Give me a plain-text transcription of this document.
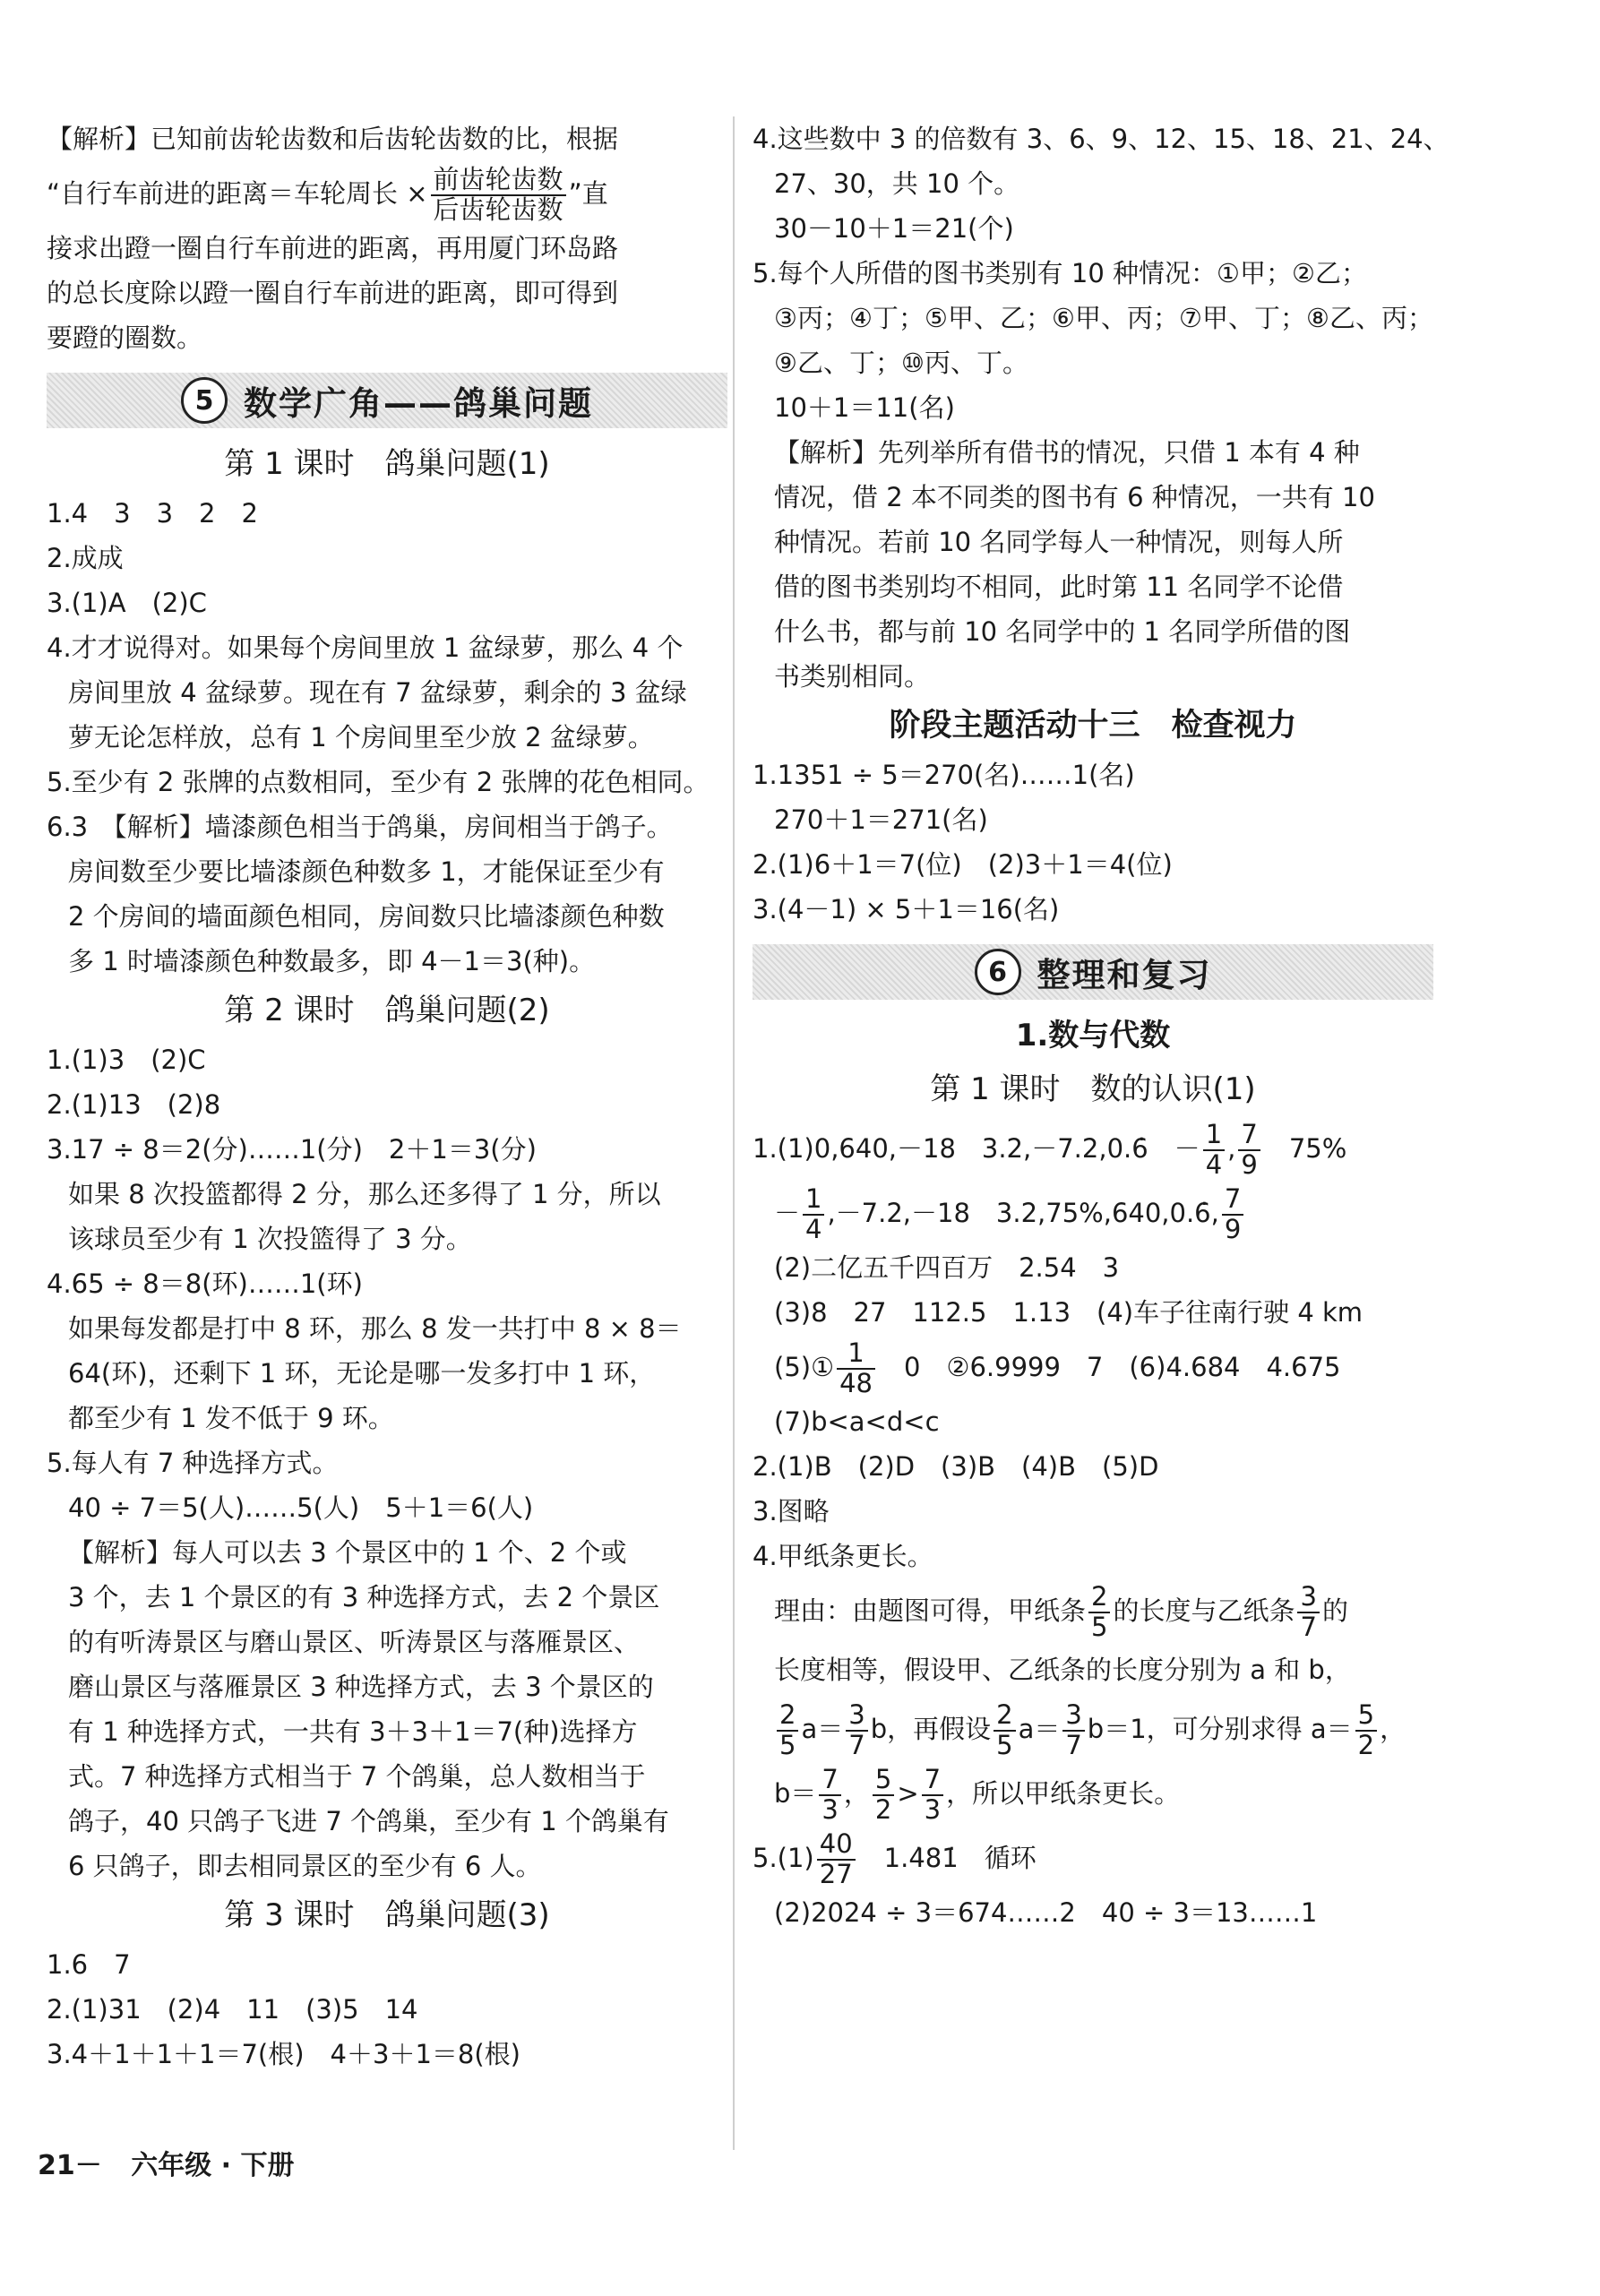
【解析】已知前齿轮齿数和后齿轮齿数的比，根据

“自行车前进的距离＝车轮周长 × $\frac{\text{前齿轮齿数}}{\text{后齿轮齿数}}$ ”直

接求出蹬一圈自行车前进的距离，再用厦门环岛路

的总长度除以蹬一圈自行车前进的距离，即可得到

要蹬的圈数。

5 数学广角——鸽巢问题

第 1 课时　鸽巢问题(1)

1.4　3　3　2　2

2.成成

3.(1)A　(2)C

4.才才说得对。如果每个房间里放 1 盆绿萝，那么 4 个

房间里放 4 盆绿萝。现在有 7 盆绿萝，剩余的 3 盆绿

萝无论怎样放，总有 1 个房间里至少放 2 盆绿萝。

5.至少有 2 张牌的点数相同，至少有 2 张牌的花色相同。

6.3　【解析】墙漆颜色相当于鸽巢，房间相当于鸽子。

房间数至少要比墙漆颜色种数多 1，才能保证至少有

2 个房间的墙面颜色相同，房间数只比墙漆颜色种数

多 1 时墙漆颜色种数最多，即 4－1＝3(种)。

第 2 课时　鸽巢问题(2)

1.(1)3　(2)C

2.(1)13　(2)8

3.17 ÷ 8＝2(分)……1(分)　2＋1＝3(分)

如果 8 次投篮都得 2 分，那么还多得了 1 分，所以

该球员至少有 1 次投篮得了 3 分。

4.65 ÷ 8＝8(环)……1(环)

如果每发都是打中 8 环，那么 8 发一共打中 8 × 8＝

64(环)，还剩下 1 环，无论是哪一发多打中 1 环，

都至少有 1 发不低于 9 环。

5.每人有 7 种选择方式。

40 ÷ 7＝5(人)……5(人)　5＋1＝6(人)

【解析】每人可以去 3 个景区中的 1 个、2 个或

3 个，去 1 个景区的有 3 种选择方式，去 2 个景区

的有听涛景区与磨山景区、听涛景区与落雁景区、

磨山景区与落雁景区 3 种选择方式，去 3 个景区的

有 1 种选择方式，一共有 3＋3＋1＝7(种)选择方

式。7 种选择方式相当于 7 个鸽巢，总人数相当于

鸽子，40 只鸽子飞进 7 个鸽巢，至少有 1 个鸽巢有

6 只鸽子，即去相同景区的至少有 6 人。

第 3 课时　鸽巢问题(3)

1.6　7

2.(1)31　(2)4　11　(3)5　14

3.4＋1＋1＋1＝7(根)　4＋3＋1＝8(根)

4.这些数中 3 的倍数有 3、6、9、12、15、18、21、24、

27、30，共 10 个。

30－10＋1＝21(个)

5.每个人所借的图书类别有 10 种情况：①甲；②乙；

③丙；④丁；⑤甲、乙；⑥甲、丙；⑦甲、丁；⑧乙、丙；

⑨乙、丁；⑩丙、丁。

10＋1＝11(名)

【解析】先列举所有借书的情况，只借 1 本有 4 种

情况，借 2 本不同类的图书有 6 种情况，一共有 10

种情况。若前 10 名同学每人一种情况，则每人所

借的图书类别均不相同，此时第 11 名同学不论借

什么书，都与前 10 名同学中的 1 名同学所借的图

书类别相同。

阶段主题活动十三　检查视力

1.1351 ÷ 5＝270(名)……1(名)

270＋1＝271(名)

2.(1)6＋1＝7(位)　(2)3＋1＝4(位)

3.(4－1) × 5＋1＝16(名)

6 整理和复习

1.数与代数

第 1 课时　数的认识(1)

1.(1)0,640,－18　3.2,－7.2,0.6̇　－ $\frac{1}{4}$ , $\frac{7}{9}$
　 75%

－ $\frac{1}{4} ,-7.2,-18$　3.2,75%,640,0.6̇, $\frac{7}{9}$

(2)二亿五千四百万　2.54　3

(3)8　27　112.5　1.13　(4)车子往南行驶 4 km

(5)① $\frac{1}{48}$
　 0　②6.9999　7　(6)4.684　4.675

(7)b<a<d<c

2.(1)B　(2)D　(3)B　(4)B　(5)D

3.图略

4.甲纸条更长。

理由：由题图可得，甲纸条 $\frac{2}{5}$ 的长度与乙纸条 $\frac{3}{7}$ 的

长度相等，假设甲、乙纸条的长度分别为 a 和 b，

$\frac{2}{5} a= \frac{3}{7}$ b，再假设 $\frac{2}{5} a= \frac{3}{7} b=1$，可分别求得 $a= \frac{5}{2}$ ，

$b= \frac{7}{3}$ ， $\frac{5}{2} > \frac{7}{3}$ ，所以甲纸条更长。

$5.(1) \frac{40}{27}$
　 1.4̇81̇　循环

(2)2024 ÷ 3＝674……2　40 ÷ 3＝13……1

21－ 六年级 · 下册
